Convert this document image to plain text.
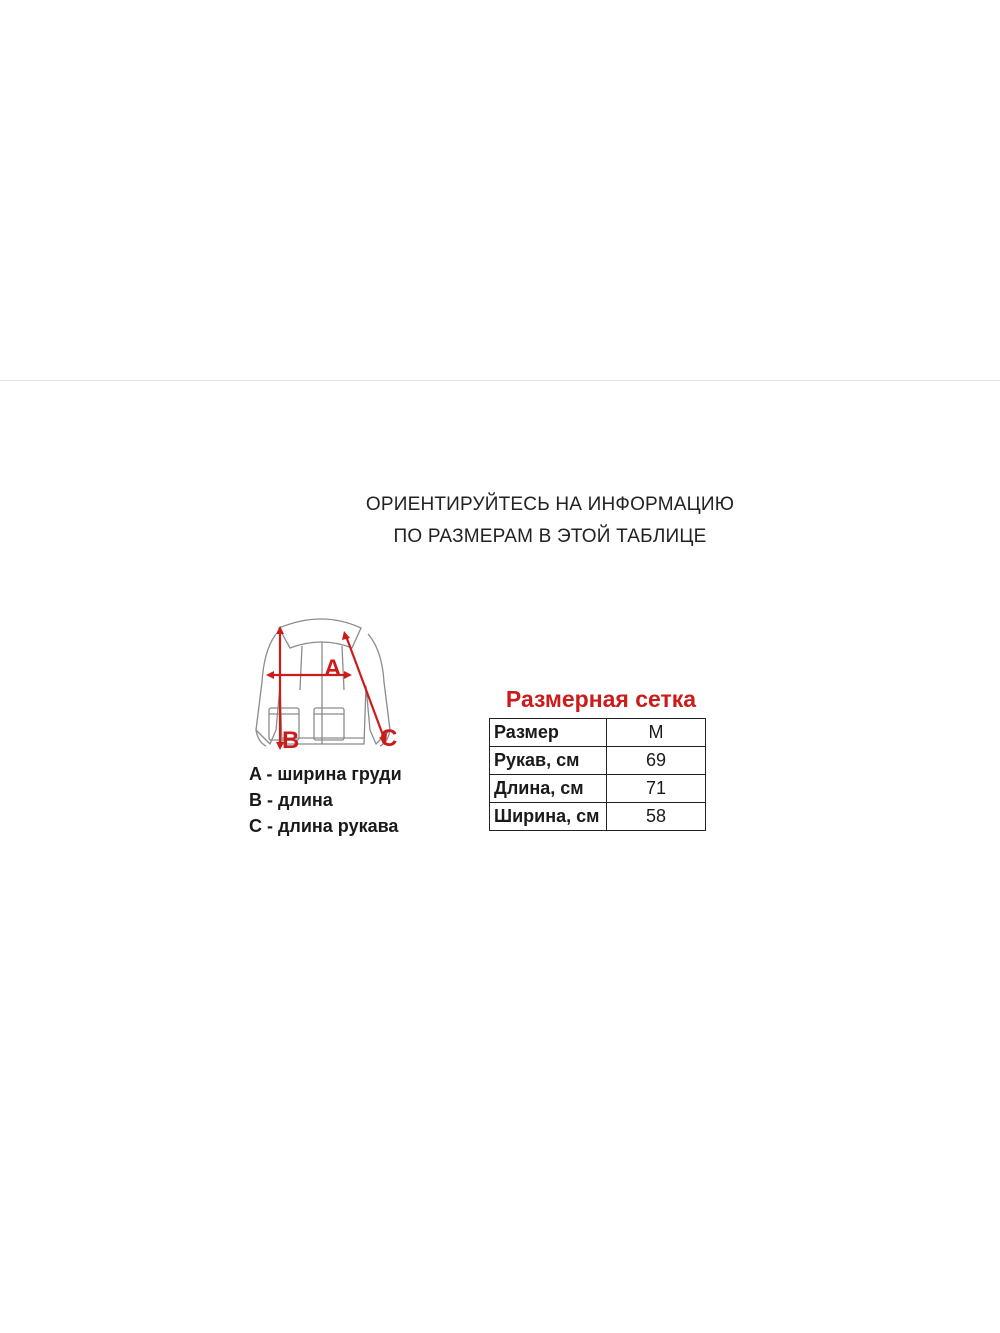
ОРИЕНТИРУЙТЕСЬ НА ИНФОРМАЦИЮ
ПО РАЗМЕРАМ В ЭТОЙ ТАБЛИЦЕ
A
B	C
A - ширина груди
B - длина
C - длина рукава
Размерная сетка
Размер	M
Рукав, см	69
Длина, см	71
Ширина, см	58
